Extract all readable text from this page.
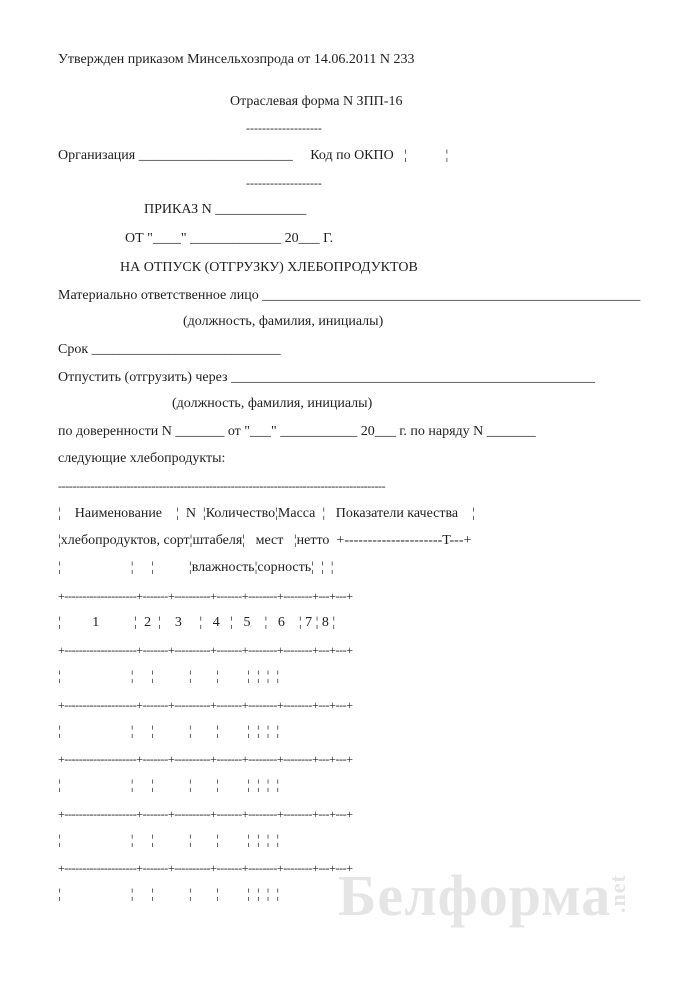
Утвержден приказом Минсельхозпрода от 14.06.2011 N 233
Отраслевая форма N ЗПП-16
-------------------
Организация ______________________     Код по ОКПО   ¦           ¦
-------------------
ПРИКАЗ N _____________
ОТ "____" _____________ 20___ Г.
НА ОТПУСК (ОТГРУЗКУ) ХЛЕБОПРОДУКТОВ
Материально ответственное лицо ______________________________________________________
(должность, фамилия, инициалы)
Срок ___________________________
Отпустить (отгрузить) через ____________________________________________________
(должность, фамилия, инициалы)
по доверенности N _______ от "___" ___________ 20___ г. по наряду N _______
следующие хлебопродукты:
-------------------------------------------------------------------------------------------
¦    Наименование    ¦  N  ¦Количество¦Масса  ¦   Показатели качества    ¦
¦хлебопродуктов, сорт¦штабеля¦   мест   ¦нетто  +---------------------T---+
¦                    ¦     ¦          ¦влажность¦сорность¦  ¦  ¦
+--------------------+-------+----------+-------+--------+--------+---+---+
¦         1          ¦  2  ¦    3     ¦   4   ¦   5    ¦   6    ¦ 7 ¦ 8 ¦
+--------------------+-------+----------+-------+--------+--------+---+---+
¦                    ¦     ¦          ¦       ¦        ¦  ¦  ¦  ¦
+--------------------+-------+----------+-------+--------+--------+---+---+
¦                    ¦     ¦          ¦       ¦        ¦  ¦  ¦  ¦
+--------------------+-------+----------+-------+--------+--------+---+---+
¦                    ¦     ¦          ¦       ¦        ¦  ¦  ¦  ¦
+--------------------+-------+----------+-------+--------+--------+---+---+
¦                    ¦     ¦          ¦       ¦        ¦  ¦  ¦  ¦
+--------------------+-------+----------+-------+--------+--------+---+---+
¦                    ¦     ¦          ¦       ¦        ¦  ¦  ¦  ¦ Белформа.net
